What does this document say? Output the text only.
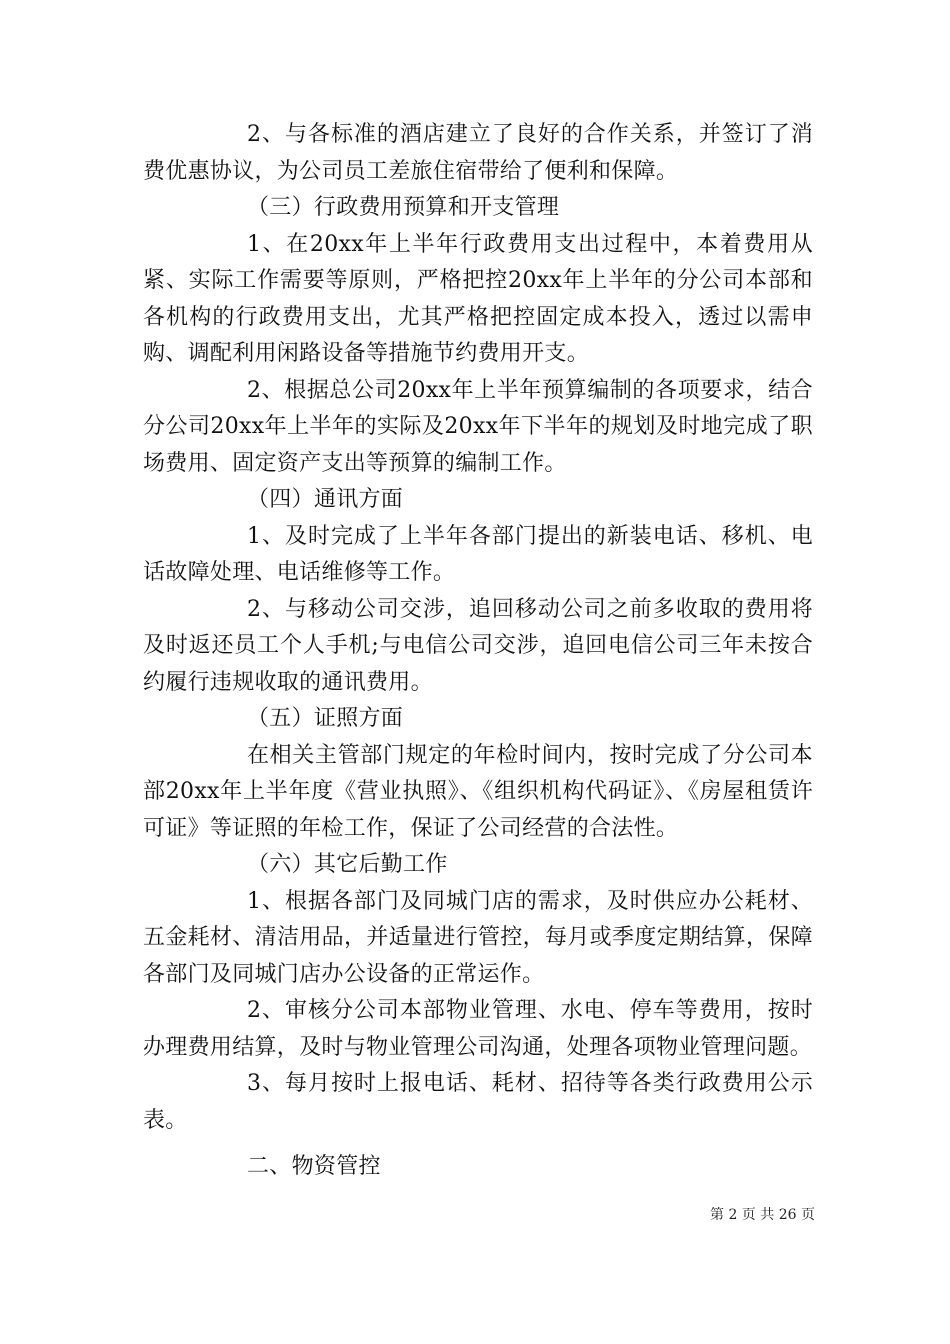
2、与各标准的酒店建立了良好的合作关系，并签订了消费优惠协议，为公司员工差旅住宿带给了便利和保障。

（三）行政费用预算和开支管理

1、在20xx年上半年行政费用支出过程中，本着费用从紧、实际工作需要等原则，严格把控20xx年上半年的分公司本部和各机构的行政费用支出，尤其严格把控固定成本投入，透过以需申购、调配利用闲路设备等措施节约费用开支。

2、根据总公司20xx年上半年预算编制的各项要求，结合分公司20xx年上半年的实际及20xx年下半年的规划及时地完成了职场费用、固定资产支出等预算的编制工作。

（四）通讯方面

1、及时完成了上半年各部门提出的新装电话、移机、电话故障处理、电话维修等工作。

2、与移动公司交涉，追回移动公司之前多收取的费用将及时返还员工个人手机;与电信公司交涉，追回电信公司三年未按合约履行违规收取的通讯费用。

（五）证照方面

在相关主管部门规定的年检时间内，按时完成了分公司本部20xx年上半年度《营业执照》、《组织机构代码证》、《房屋租赁许可证》等证照的年检工作，保证了公司经营的合法性。

（六）其它后勤工作

1、根据各部门及同城门店的需求，及时供应办公耗材、五金耗材、清洁用品，并适量进行管控，每月或季度定期结算，保障各部门及同城门店办公设备的正常运作。

2、审核分公司本部物业管理、水电、停车等费用，按时办理费用结算，及时与物业管理公司沟通，处理各项物业管理问题。

3、每月按时上报电话、耗材、招待等各类行政费用公示表。

二、物资管控

第 2 页 共 26 页
